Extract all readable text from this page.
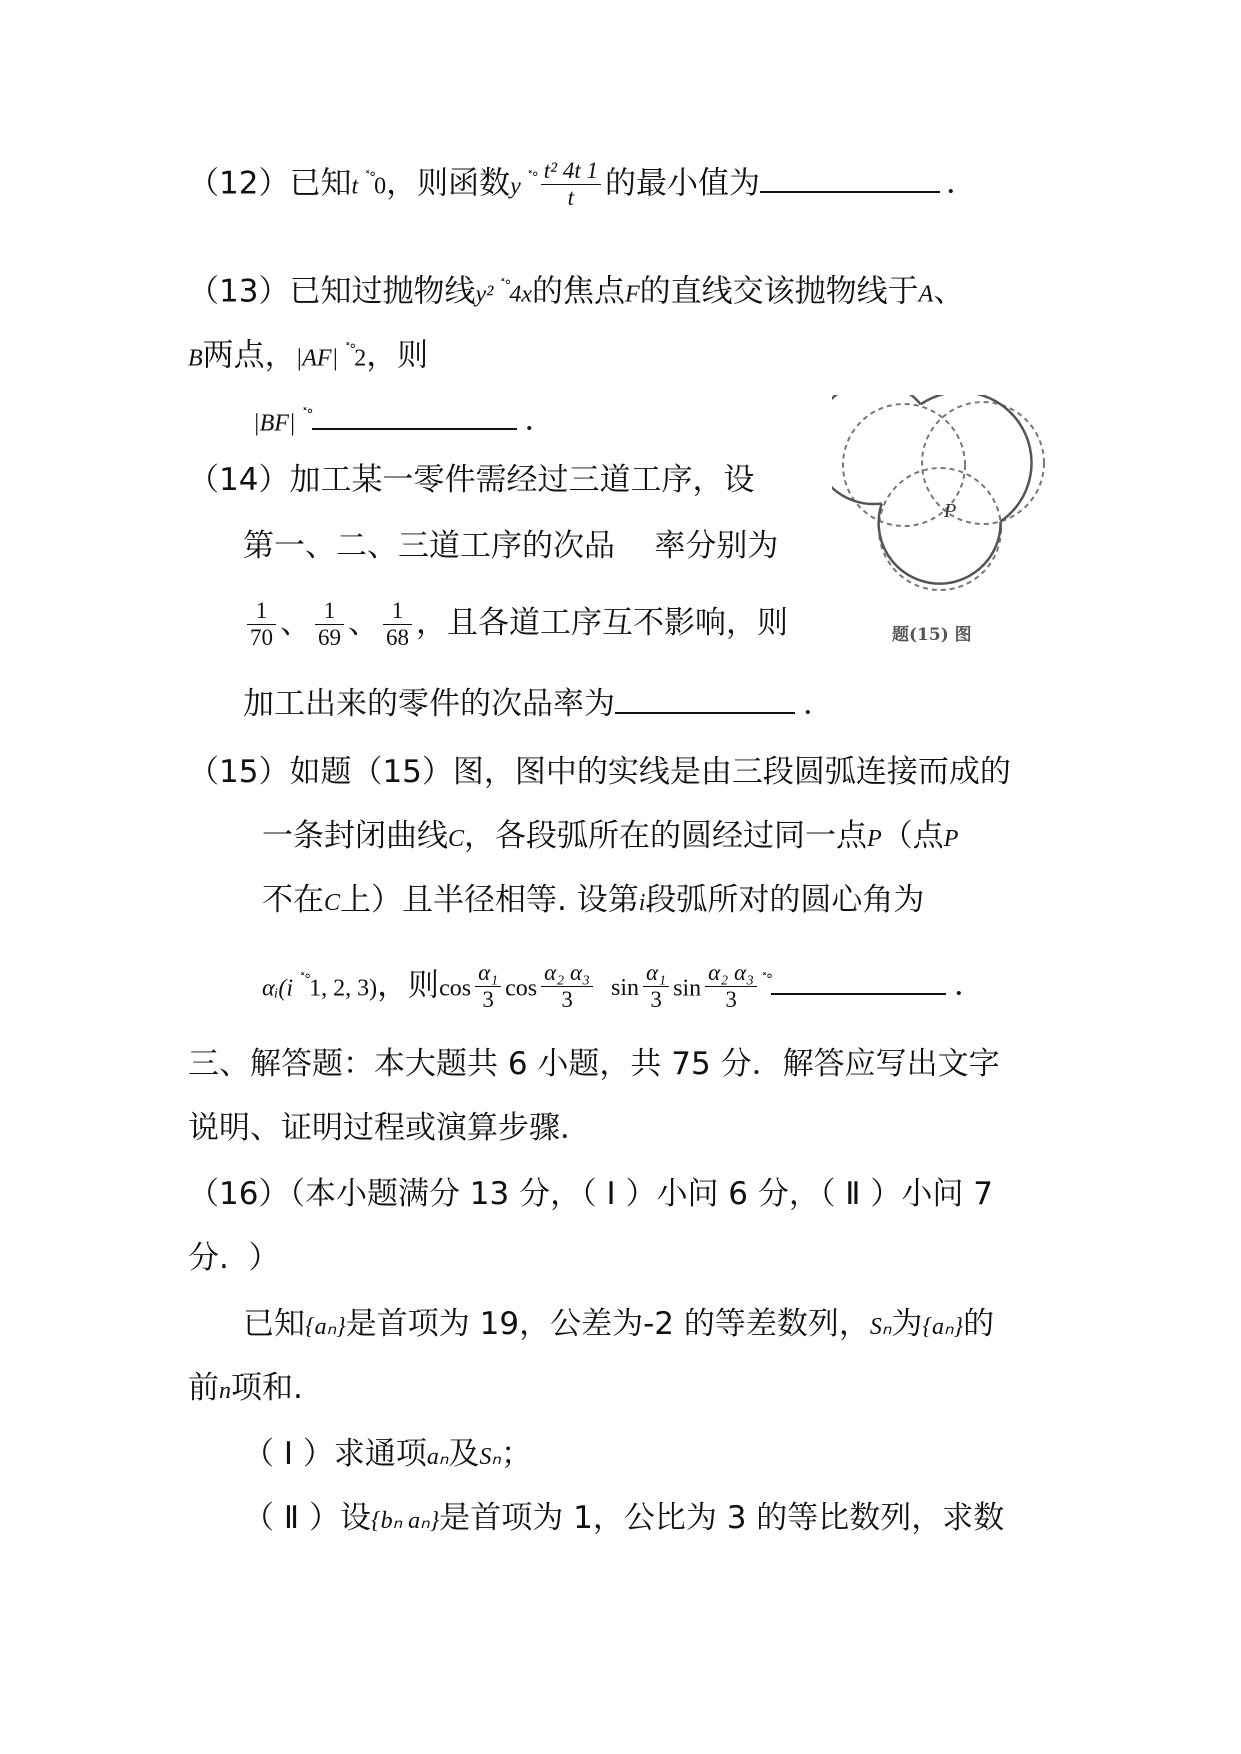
（12）已知t ˟°0，则函数y $^{˟^\circ} \frac{\text{t² 4t 1}}{t}$ 的最小值为	．
（13）已知过抛物线y² ˟°4x的焦点F的直线交该抛物线于A、
B两点，|AF| ˟°2，则
|BF| ˟°	．
（14）加工某一零件需经过三道工序，设
第一、二、三道工序的次品    率分别为
$\frac{1}{70}$ 、 $\frac{1}{69}$ 、 $\frac{1}{68}$ ，且各道工序互不影响，则
加工出来的零件的次品率为	．
P
题(15) 图
（15）如题（15）图，图中的实线是由三段圆弧连接而成的
一条封闭曲线C，各段弧所在的圆经过同一点P（点P
不在C上）且半径相等. 设第i段弧所对的圆心角为
αᵢ(i ˟°1, 2, 3)，则$\cos \frac{\text{α₁}}{3}$ $\cos \frac{\text{α₂ α₃}}{3}$ $\sin \frac{\text{α₁}}{3}$ $\sin \frac{\text{α₂ α₃}}{3} ^{˟^\circ}$	．
三、解答题：本大题共 6 小题，共 75 分．解答应写出文字
说明、证明过程或演算步骤．
（16）（本小题满分 13 分，（ Ⅰ ）小问 6 分，（ Ⅱ ）小问 7
分.  ）
已知{aₙ}是首项为 19，公差为-2 的等差数列，Sₙ为{aₙ}的
前n项和.
（ Ⅰ ）求通项aₙ及Sₙ；
（ Ⅱ ）设{bₙ aₙ}是首项为 1，公比为 3 的等比数列，求数
